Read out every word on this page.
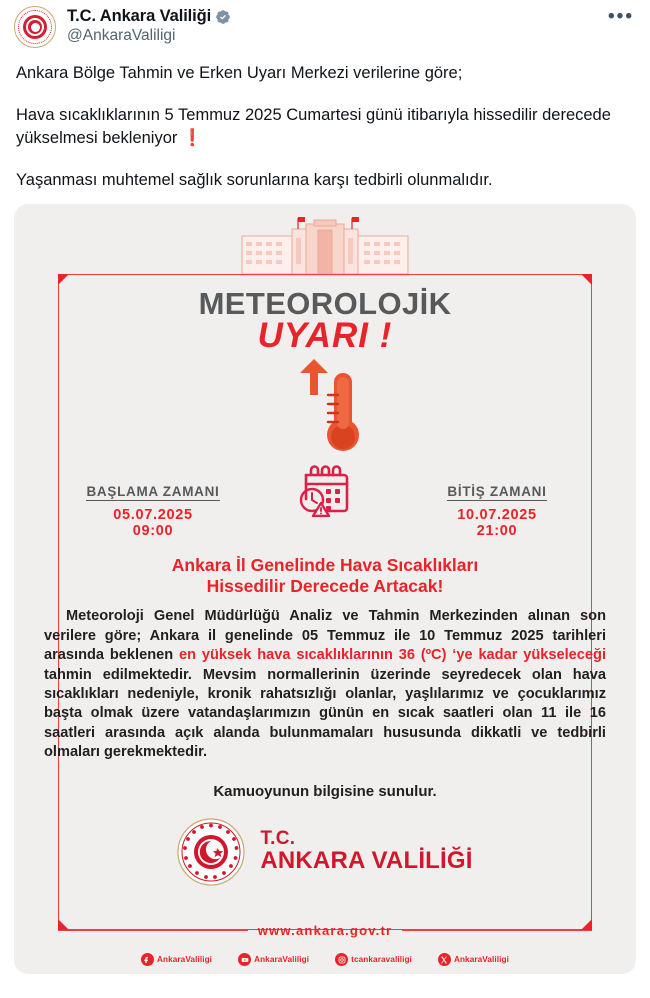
T.C. Ankara Valiliği
@AnkaraValiligi
•••

Ankara Bölge Tahmin ve Erken Uyarı Merkezi verilerine göre;

Hava sıcaklıklarının 5 Temmuz 2025 Cumartesi günü itibarıyla hissedilir derecede yükselmesi bekleniyor ❗

Yaşanması muhtemel sağlık sorunlarına karşı tedbirli olunmalıdır.

METEOROLOJİK
UYARI !
BAŞLAMA ZAMANI
05.07.2025
09:00
BİTİŞ ZAMANI
10.07.2025
21:00
Ankara İl Genelinde Hava Sıcaklıkları
Hissedilir Derecede Artacak!
Meteoroloji Genel Müdürlüğü Analiz ve Tahmin Merkezinden alınan son verilere göre; Ankara il genelinde 05 Temmuz ile 10 Temmuz 2025 tarihleri arasında beklenen en yüksek hava sıcaklıklarının 36 (ºC) ‘ye kadar yükseleceği tahmin edilmektedir. Mevsim normallerinin üzerinde seyredecek olan hava sıcaklıkları nedeniyle, kronik rahatsızlığı olanlar, yaşlılarımız ve çocuklarımız başta olmak üzere vatandaşlarımızın günün en sıcak saatleri olan 11 ile 16 saatleri arasında açık alanda bulunmamaları hususunda dikkatli ve tedbirli olmaları gerekmektedir.
Kamuoyunun bilgisine sunulur.
T.C.
ANKARA VALİLİĞİ
www.ankara.gov.tr
AnkaraValiligi	AnkaraValiligi	tcankaravaliligi	AnkaraValiligi
